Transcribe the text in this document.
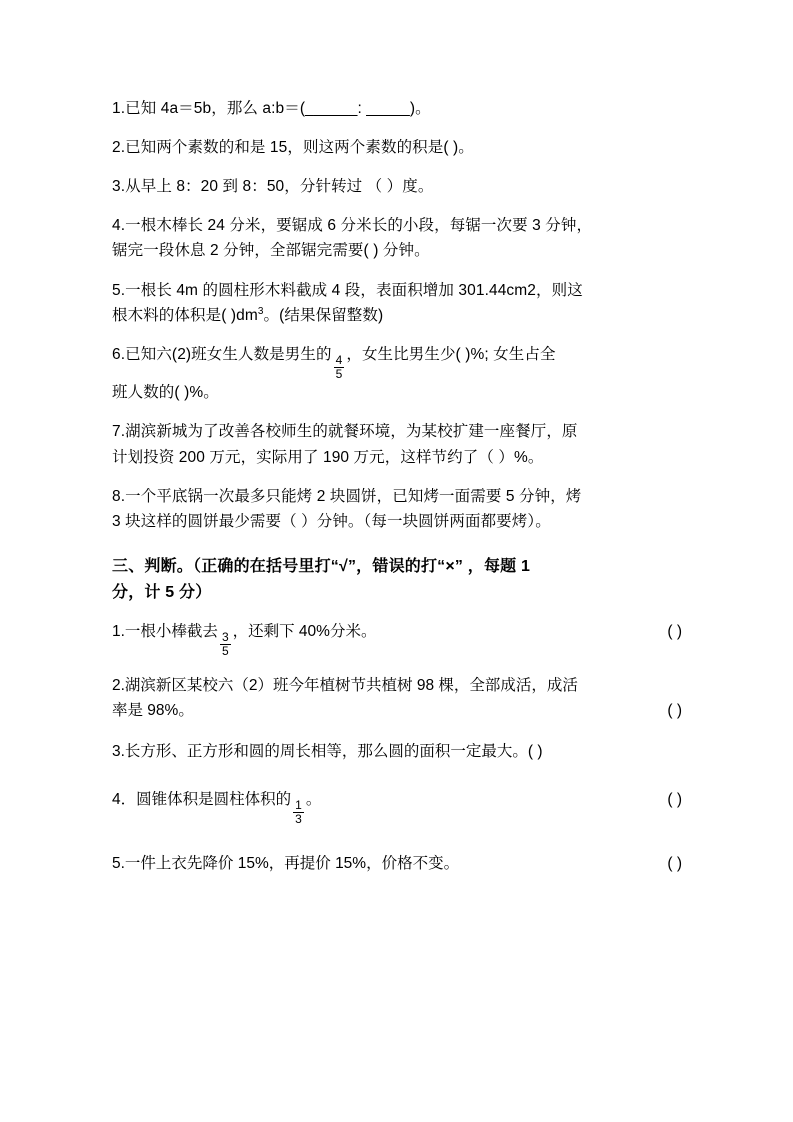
1.已知 4a＝5b，那么 a:b＝(______: _____)。

2.已知两个素数的和是 15，则这两个素数的积是( )。

3.从早上 8：20 到 8：50，分针转过 （ ）度。

4.一根木棒长 24 分米，要锯成 6 分米长的小段，每锯一次要 3 分钟，
锯完一段休息 2 分钟，全部锯完需要( ) 分钟。
5.一根长 4m 的圆柱形木料截成 4 段，表面积增加 301.44cm2，则这
根木料的体积是( )$dm^3$。(结果保留整数)
6.已知六(2)班女生人数是男生的 $\frac{4}{5}$ ，女生比男生少( )%; 女生占全
班人数的( )%。
7.湖滨新城为了改善各校师生的就餐环境，为某校扩建一座餐厅，原
计划投资 200 万元，实际用了 190 万元，这样节约了（ ）%。
8.一个平底锅一次最多只能烤 2 块圆饼，已知烤一面需要 5 分钟，烤
3 块这样的圆饼最少需要（ ）分钟。（每一块圆饼两面都要烤）。
三、判断。（正确的在括号里打“√”，错误的打“×” ，每题 1
分，计 5 分）
1.一根小棒截去 $\frac{3}{5}$ ，还剩下 40%分米。	( )
2.湖滨新区某校六（2）班今年植树节共植树 98 棵，全部成活，成活
率是 98%。	( )
3.长方形、正方形和圆的周长相等，那么圆的面积一定最大。( )
4．圆锥体积是圆柱体积的 $\frac{1}{3}$ 。	( )
5.一件上衣先降价 15%，再提价 15%，价格不变。	( )
